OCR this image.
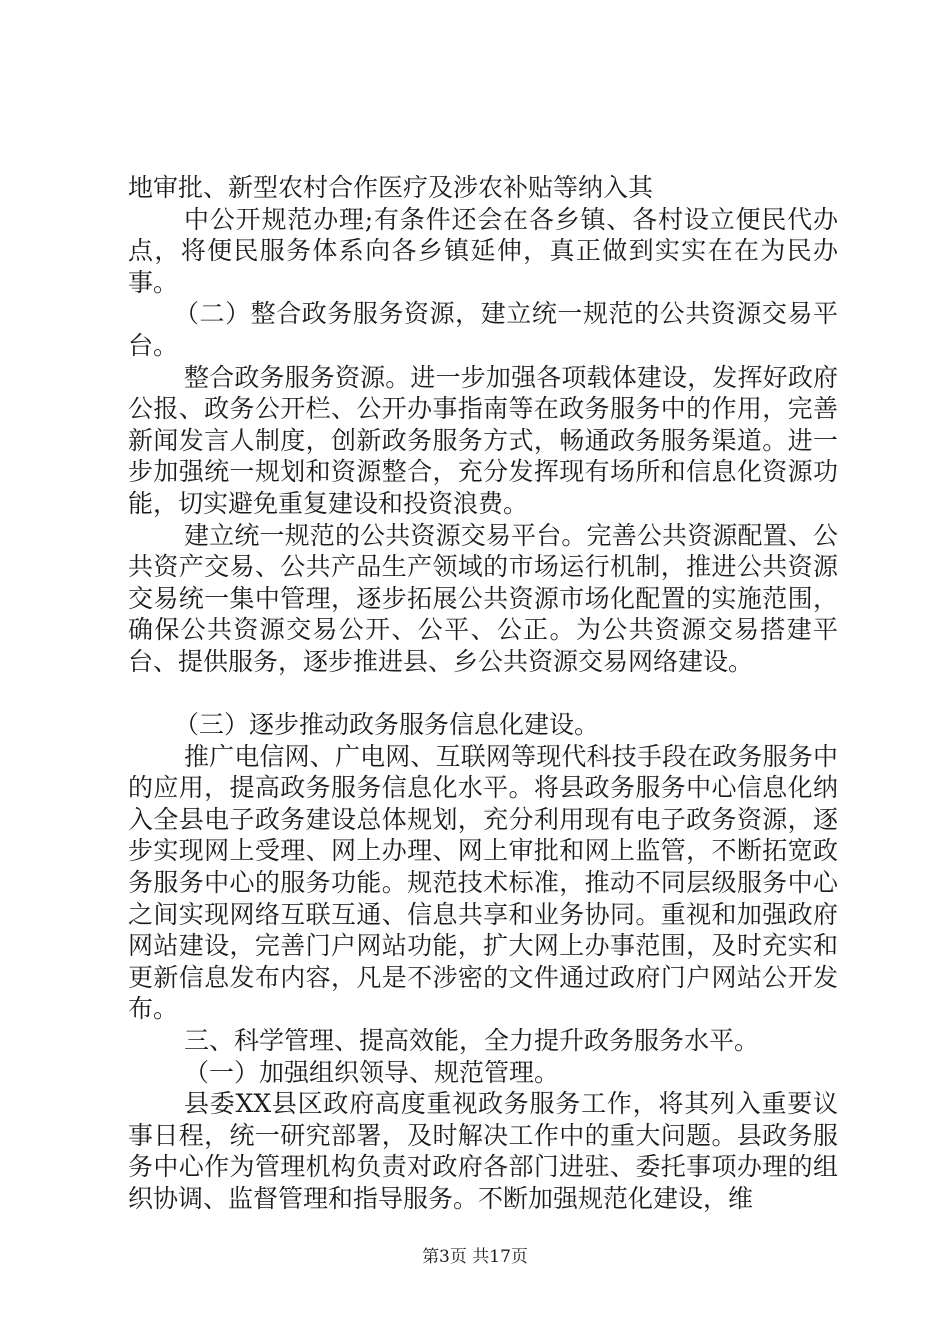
地审批、新型农村合作医疗及涉农补贴等纳入其

中公开规范办理;有条件还会在各乡镇、各村设立便民代办点，将便民服务体系向各乡镇延伸，真正做到实实在在为民办事。

（二）整合政务服务资源，建立统一规范的公共资源交易平台。

整合政务服务资源。进一步加强各项载体建设，发挥好政府公报、政务公开栏、公开办事指南等在政务服务中的作用，完善新闻发言人制度，创新政务服务方式，畅通政务服务渠道。进一步加强统一规划和资源整合，充分发挥现有场所和信息化资源功能，切实避免重复建设和投资浪费。

建立统一规范的公共资源交易平台。完善公共资源配置、公共资产交易、公共产品生产领域的市场运行机制，推进公共资源交易统一集中管理，逐步拓展公共资源市场化配置的实施范围，确保公共资源交易公开、公平、公正。为公共资源交易搭建平台、提供服务，逐步推进县、乡公共资源交易网络建设。

（三）逐步推动政务服务信息化建设。

推广电信网、广电网、互联网等现代科技手段在政务服务中的应用，提高政务服务信息化水平。将县政务服务中心信息化纳入全县电子政务建设总体规划，充分利用现有电子政务资源，逐步实现网上受理、网上办理、网上审批和网上监管，不断拓宽政务服务中心的服务功能。规范技术标准，推动不同层级服务中心之间实现网络互联互通、信息共享和业务协同。重视和加强政府网站建设，完善门户网站功能，扩大网上办事范围，及时充实和更新信息发布内容，凡是不涉密的文件通过政府门户网站公开发布。

三、科学管理、提高效能，全力提升政务服务水平。

（一）加强组织领导、规范管理。

县委XX县区政府高度重视政务服务工作，将其列入重要议事日程，统一研究部署，及时解决工作中的重大问题。县政务服务中心作为管理机构负责对政府各部门进驻、委托事项办理的组织协调、监督管理和指导服务。不断加强规范化建设，维

第3页 共17页
